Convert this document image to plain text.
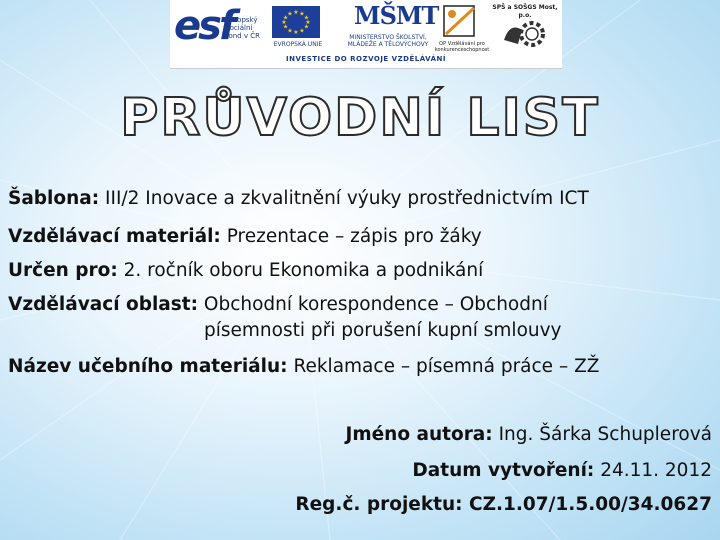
esf
evropský sociální fond v ČR
★ ★
★
★
★
★
★
★
★
★
★
★
EVROPSKÁ UNIE
MŠMT
MINISTERSTVO ŠKOLSTVÍ, MLÁDEŽE A TĚLOVÝCHOVY	OP Vzdělávání pro konkurenceschopnost
SPŠ a SOŠGS Most, p.o.
INVESTICE DO ROZVOJE VZDĚLÁVÁNÍ
PRŮVODNÍ LIST
Šablona: III/2 Inovace a zkvalitnění výuky prostřednictvím ICT
Vzdělávací materiál: Prezentace – zápis pro žáky
Určen pro: 2. ročník oboru Ekonomika a podnikání
Vzdělávací oblast: Obchodní korespondence – Obchodní
písemnosti při porušení kupní smlouvy
Název učebního materiálu: Reklamace – písemná práce – ZŽ
Jméno autora: Ing. Šárka Schuplerová
Datum vytvoření: 24.11. 2012
Reg.č. projektu: CZ.1.07/1.5.00/34.0627
